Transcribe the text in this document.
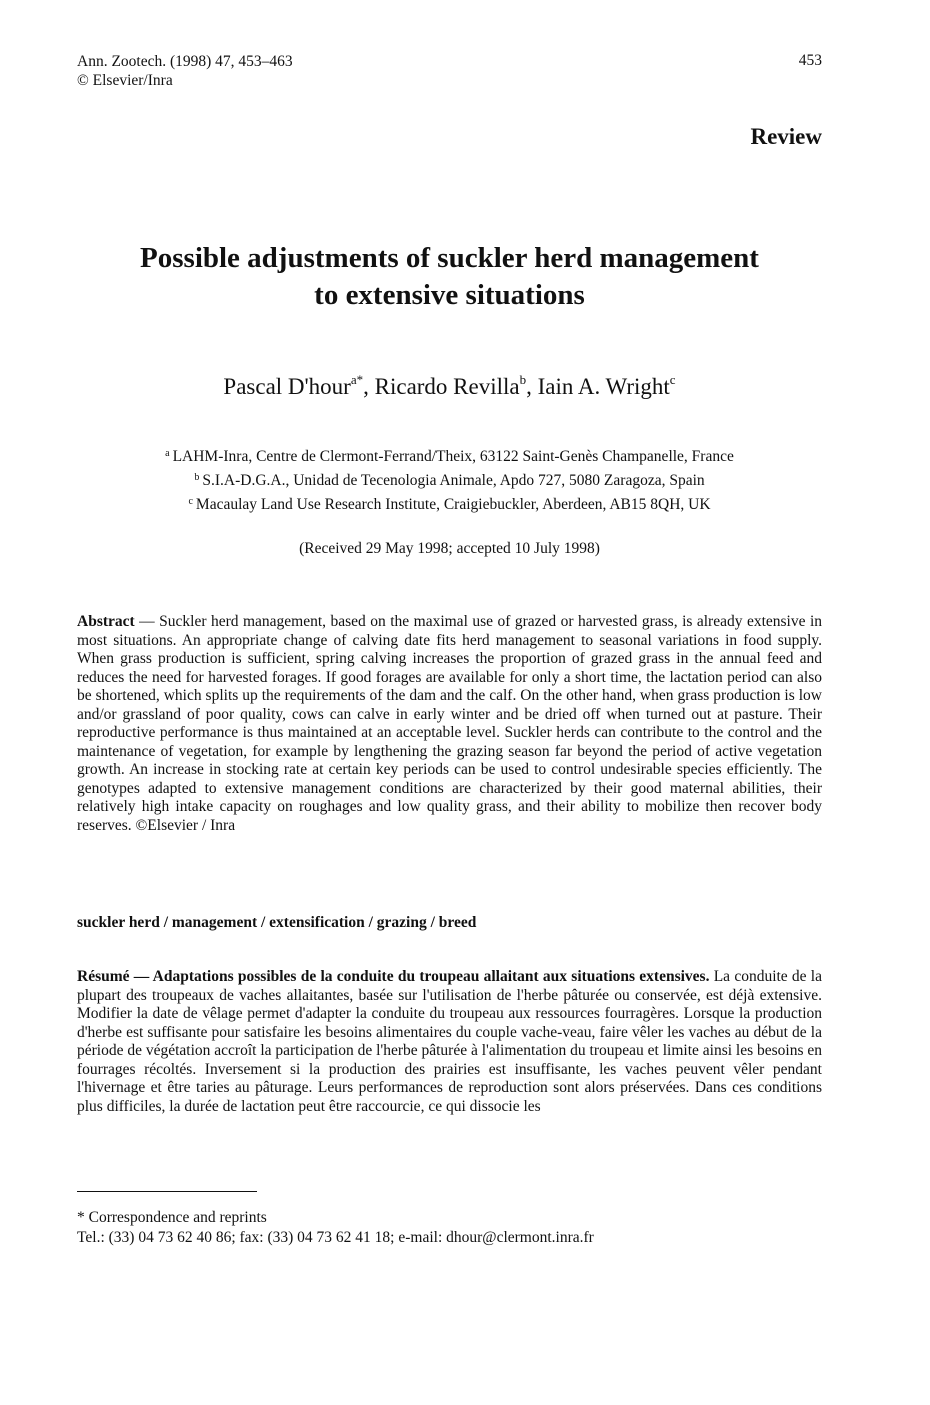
Ann. Zootech. (1998) 47, 453–463
© Elsevier/Inra
453
Review
Possible adjustments of suckler herd management
to extensive situations
Pascal D'hour$^{a*}$, Ricardo Revilla$^b$, Iain A. Wright$^c$
$^a$ LAHM-Inra, Centre de Clermont-Ferrand/Theix, 63122 Saint-Genès Champanelle, France
$^b$ S.I.A-D.G.A., Unidad de Tecenologia Animale, Apdo 727, 5080 Zaragoza, Spain
$^c$ Macaulay Land Use Research Institute, Craigiebuckler, Aberdeen, AB15 8QH, UK
(Received 29 May 1998; accepted 10 July 1998)
Abstract — Suckler herd management, based on the maximal use of grazed or harvested grass, is already extensive in most situations. An appropriate change of calving date fits herd management to seasonal variations in food supply. When grass production is sufficient, spring calving increases the proportion of grazed grass in the annual feed and reduces the need for harvested forages. If good forages are available for only a short time, the lactation period can also be shortened, which splits up the requirements of the dam and the calf. On the other hand, when grass production is low and/or grassland of poor quality, cows can calve in early winter and be dried off when turned out at pasture. Their reproductive performance is thus maintained at an acceptable level. Suckler herds can contribute to the control and the maintenance of vegetation, for example by lengthening the grazing season far beyond the period of active vegetation growth. An increase in stocking rate at certain key periods can be used to control undesirable species efficiently. The genotypes adapted to extensive management conditions are characterized by their good maternal abilities, their relatively high intake capacity on roughages and low quality grass, and their ability to mobilize then recover body reserves. ©Elsevier / Inra
suckler herd / management / extensification / grazing / breed
Résumé — Adaptations possibles de la conduite du troupeau allaitant aux situations extensives. La conduite de la plupart des troupeaux de vaches allaitantes, basée sur l'utilisation de l'herbe pâturée ou conservée, est déjà extensive. Modifier la date de vêlage permet d'adapter la conduite du troupeau aux ressources fourragères. Lorsque la production d'herbe est suffisante pour satisfaire les besoins alimentaires du couple vache-veau, faire vêler les vaches au début de la période de végétation accroît la participation de l'herbe pâturée à l'alimentation du troupeau et limite ainsi les besoins en fourrages récoltés. Inversement si la production des prairies est insuffisante, les vaches peuvent vêler pendant l'hivernage et être taries au pâturage. Leurs performances de reproduction sont alors préservées. Dans ces conditions plus difficiles, la durée de lactation peut être raccourcie, ce qui dissocie les
* Correspondence and reprints
Tel.: (33) 04 73 62 40 86; fax: (33) 04 73 62 41 18; e-mail: dhour@clermont.inra.fr
